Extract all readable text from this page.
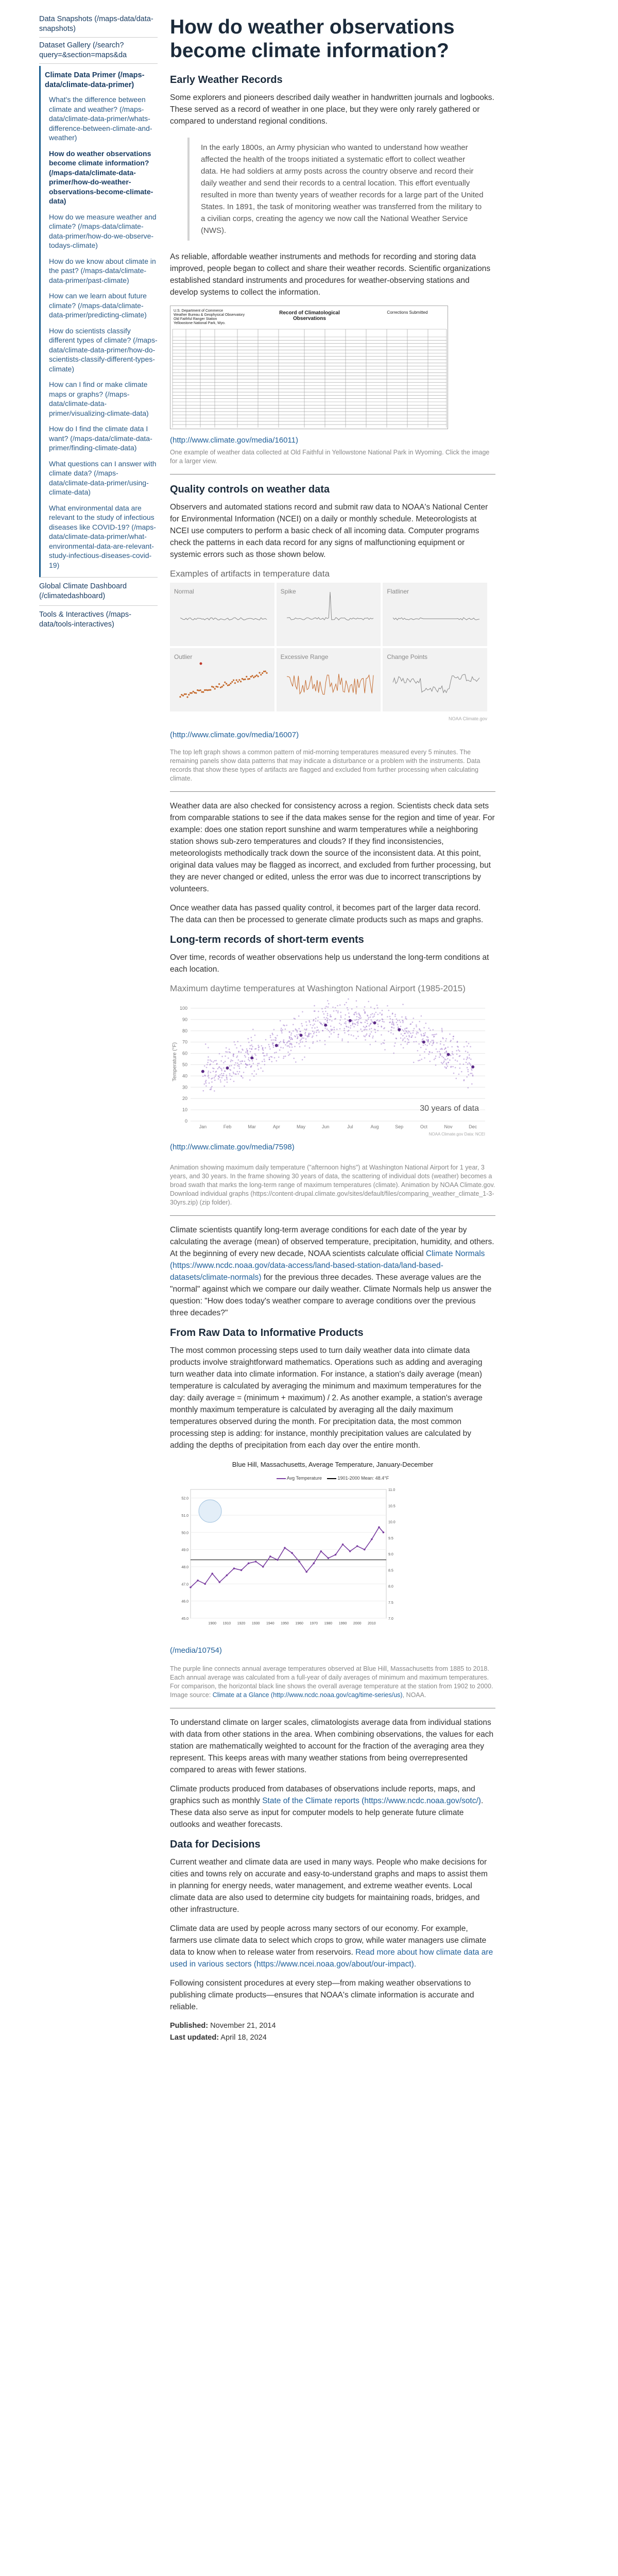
Data Snapshots (/maps-data/data-snapshots)
Dataset Gallery (/search?query=&section=maps&da
Climate Data Primer (/maps-data/climate-data-primer)
What's the difference between climate and weather? (/maps-data/climate-data-primer/whats-difference-between-climate-and-weather)
How do weather observations become climate information? (/maps-data/climate-data-primer/how-do-weather-observations-become-climate-data)
How do we measure weather and climate? (/maps-data/climate-data-primer/how-do-we-observe-todays-climate)
How do we know about climate in the past? (/maps-data/climate-data-primer/past-climate)
How can we learn about future climate? (/maps-data/climate-data-primer/predicting-climate)
How do scientists classify different types of climate? (/maps-data/climate-data-primer/how-do-scientists-classify-different-types-climate)
How can I find or make climate maps or graphs? (/maps-data/climate-data-primer/visualizing-climate-data)
How do I find the climate data I want? (/maps-data/climate-data-primer/finding-climate-data)
What questions can I answer with climate data? (/maps-data/climate-data-primer/using-climate-data)
What environmental data are relevant to the study of infectious diseases like COVID-19? (/maps-data/climate-data-primer/what-environmental-data-are-relevant-study-infectious-diseases-covid-19)
Global Climate Dashboard (/climatedashboard)
Tools & Interactives (/maps-data/tools-interactives)
How do weather observations become climate information?
Early Weather Records

Some explorers and pioneers described daily weather in handwritten journals and logbooks. These served as a record of weather in one place, but they were only rarely gathered or compared to understand regional conditions.

In the early 1800s, an Army physician who wanted to understand how weather affected the health of the troops initiated a systematic effort to collect weather data. He had soldiers at army posts across the country observe and record their daily weather and send their records to a central location. This effort eventually resulted in more than twenty years of weather records for a large part of the United States. In 1891, the task of monitoring weather was transferred from the military to a civilian corps, creating the agency we now call the National Weather Service (NWS).

As reliable, affordable weather instruments and methods for recording and storing data improved, people began to collect and share their weather records. Scientific organizations established standard instruments and procedures for weather-observing stations and develop systems to collect the information.

U.S. Department of Commerce
Weather Bureau & Geophysical Observatory
Old Faithful Ranger Station
Yellowstone National Park, Wyo.
Record of Climatological Observations
Corrections Submitted
(http://www.climate.gov/media/16011)
One example of weather data collected at Old Faithful in Yellowstone National Park in Wyoming. Click the image for a larger view.
Quality controls on weather data

Observers and automated stations record and submit raw data to NOAA's National Center for Environmental Information (NCEI) on a daily or monthly schedule. Meteorologists at NCEI use computers to perform a basic check of all incoming data. Computer programs check the patterns in each data record for any signs of malfunctioning equipment or systemic errors such as those shown below.

Examples of artifacts in temperature data
Normal	Spike	Flatliner
Outlier	Excessive Range	Change Points
NOAA Climate.gov
(http://www.climate.gov/media/16007)
The top left graph shows a common pattern of mid-morning temperatures measured every 5 minutes. The remaining panels show data patterns that may indicate a disturbance or a problem with the instruments. Data records that show these types of artifacts are flagged and excluded from further processing when calculating climate.

Weather data are also checked for consistency across a region. Scientists check data sets from comparable stations to see if the data makes sense for the region and time of year. For example: does one station report sunshine and warm temperatures while a neighboring station shows sub-zero temperatures and clouds? If they find inconsistencies, meteorologists methodically track down the source of the inconsistent data. At this point, original data values may be flagged as incorrect, and excluded from further processing, but they are never changed or edited, unless the error was due to incorrect transcriptions by volunteers.

Once weather data has passed quality control, it becomes part of the larger data record. The data can then be processed to generate climate products such as maps and graphs.

Long-term records of short-term events

Over time, records of weather observations help us understand the long-term conditions at each location.

Maximum daytime temperatures at Washington National Airport (1985-2015)
0
10
20
30
40
50
60
70
80
90
100
Jan	Feb	Mar	Apr	May	Jun	Jul	Aug	Sep	Oct	Nov	Dec
Temperature (°F)
30 years of data
NOAA Climate.gov Data: NCEI
(http://www.climate.gov/media/7598)
Animation showing maximum daily temperature ("afternoon highs") at Washington National Airport for 1 year, 3 years, and 30 years. In the frame showing 30 years of data, the scattering of individual dots (weather) becomes a broad swath that marks the long-term range of maximum temperatures (climate). Animation by NOAA Climate.gov. Download individual graphs (https://content-drupal.climate.gov/sites/default/files/comparing_weather_climate_1-3-30yrs.zip) (zip folder).

Climate scientists quantify long-term average conditions for each date of the year by calculating the average (mean) of observed temperature, precipitation, humidity, and others. At the beginning of every new decade, NOAA scientists calculate official Climate Normals (https://www.ncdc.noaa.gov/data-access/land-based-station-data/land-based-datasets/climate-normals) for the previous three decades. These average values are the "normal" against which we compare our daily weather. Climate Normals help us answer the question: "How does today's weather compare to average conditions over the previous three decades?"

From Raw Data to Informative Products

The most common processing steps used to turn daily weather data into climate data products involve straightforward mathematics. Operations such as adding and averaging turn weather data into climate information. For instance, a station's daily average (mean) temperature is calculated by averaging the minimum and maximum temperatures for the day: daily average = (minimum + maximum) / 2. As another example, a station's average monthly maximum temperature is calculated by averaging all the daily maximum temperatures observed during the month. For precipitation data, the most common processing step is adding: for instance, monthly precipitation values are calculated by adding the depths of precipitation from each day over the entire month.

Blue Hill, Massachusetts, Average Temperature, January-December
Avg Temperature	1901-2000 Mean: 48.4°F
45.0
46.0
47.0
48.0
49.0
50.0
51.0
52.0
7.0
7.5
8.0
8.5
9.0
9.5
10.0
10.5
11.0
1900 1910 1920 1930 1940 1950 1960 1970 1980 1990 2000 2010
(/media/10754)
The purple line connects annual average temperatures observed at Blue Hill, Massachusetts from 1885 to 2018. Each annual average was calculated from a full-year of daily averages of minimum and maximum temperatures. For comparison, the horizontal black line shows the overall average temperature at the station from 1902 to 2000. Image source: Climate at a Glance (http://www.ncdc.noaa.gov/cag/time-series/us), NOAA.

To understand climate on larger scales, climatologists average data from individual stations with data from other stations in the area. When combining observations, the values for each station are mathematically weighted to account for the fraction of the averaging area they represent. This keeps areas with many weather stations from being overrepresented compared to areas with fewer stations.

Climate products produced from databases of observations include reports, maps, and graphics such as monthly State of the Climate reports (https://www.ncdc.noaa.gov/sotc/). These data also serve as input for computer models to help generate future climate outlooks and weather forecasts.

Data for Decisions

Current weather and climate data are used in many ways. People who make decisions for cities and towns rely on accurate and easy-to-understand graphs and maps to assist them in planning for energy needs, water management, and extreme weather events. Local climate data are also used to determine city budgets for maintaining roads, bridges, and other infrastructure.

Climate data are used by people across many sectors of our economy. For example, farmers use climate data to select which crops to grow, while water managers use climate data to know when to release water from reservoirs. Read more about how climate data are used in various sectors (https://www.ncei.noaa.gov/about/our-impact).

Following consistent procedures at every step—from making weather observations to publishing climate products—ensures that NOAA's climate information is accurate and reliable.

Published: November 21, 2014
Last updated: April 18, 2024
